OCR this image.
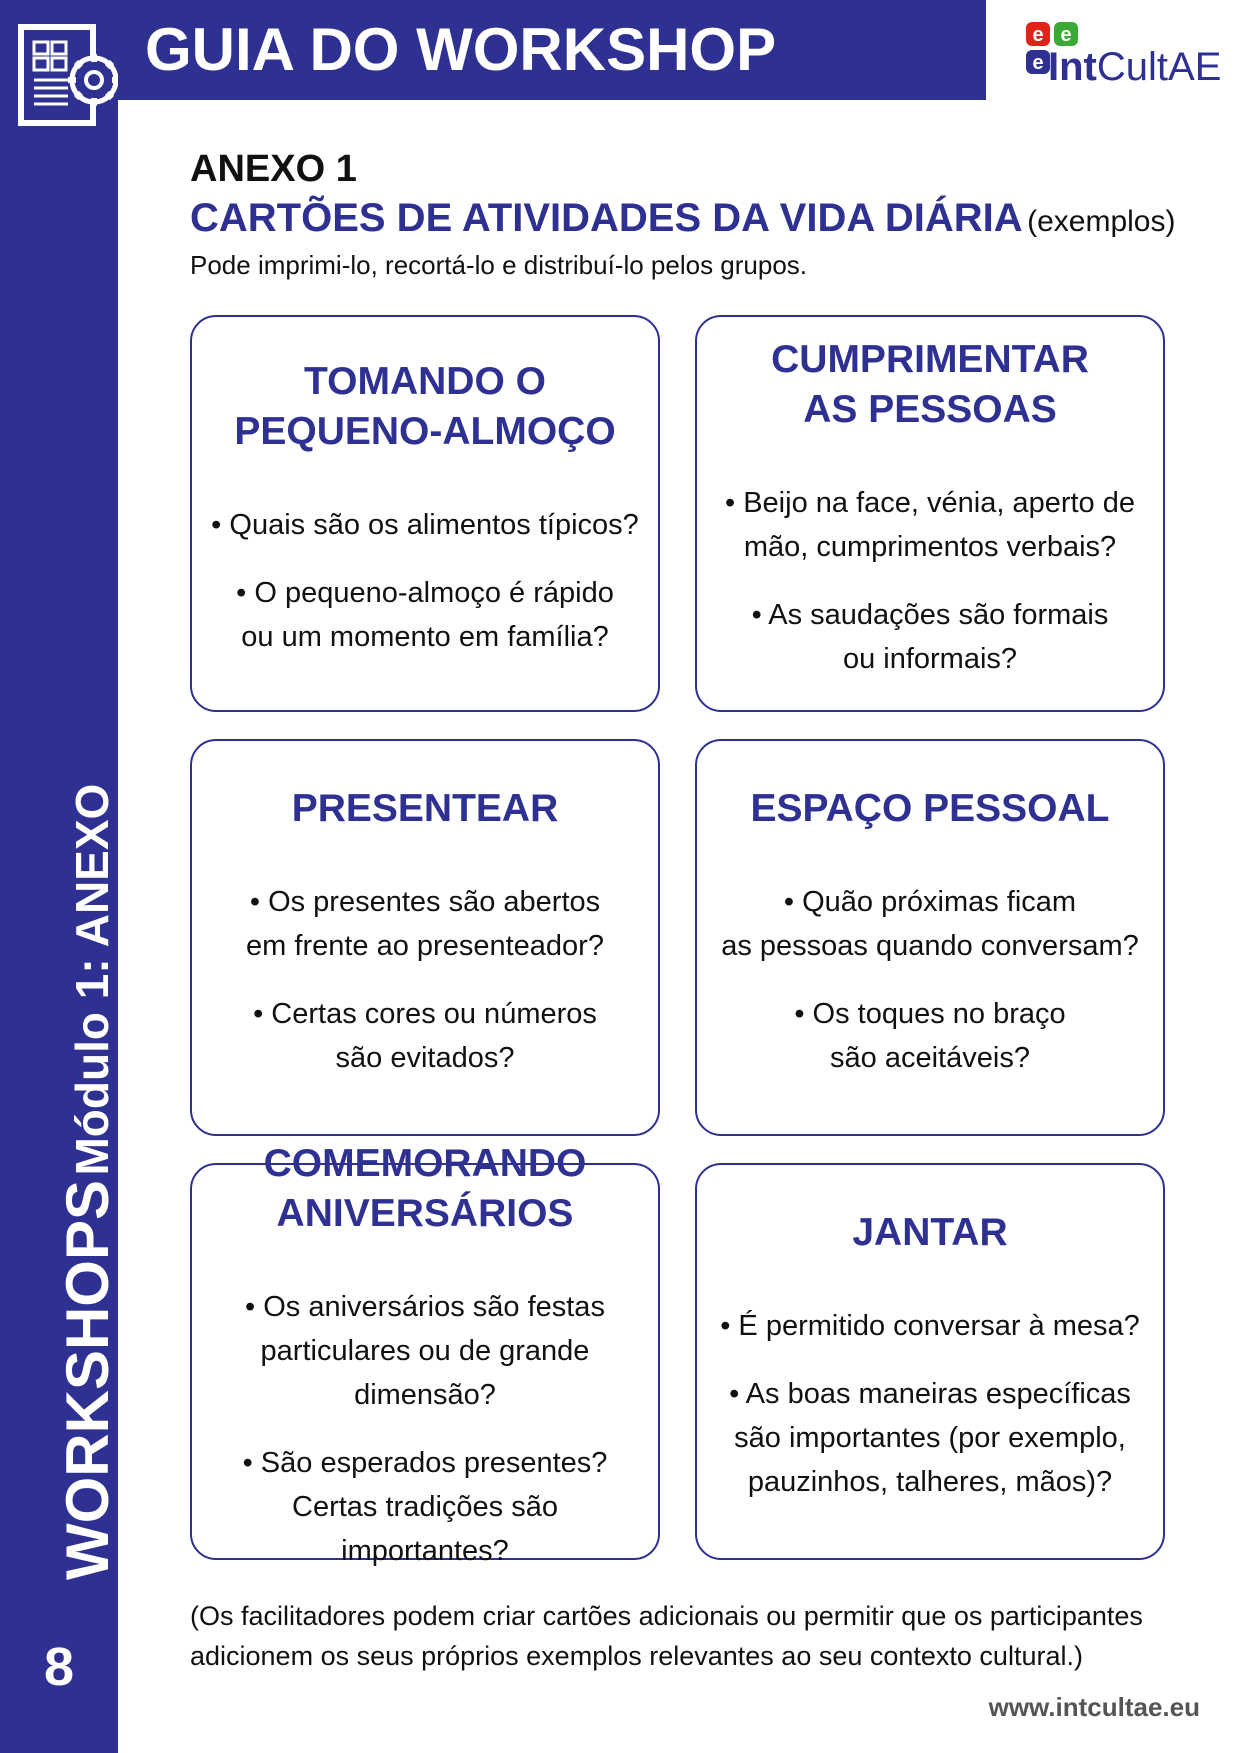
GUIA DO WORKSHOP	e e
e IntCultAE
WORKSHOPS Módulo 1: ANEXO
8
ANEXO 1
CARTÕES DE ATIVIDADES DA VIDA DIÁRIA (exemplos)
Pode imprimi-lo, recortá-lo e distribuí-lo pelos grupos.
TOMANDO O
PEQUENO-ALMOÇO
• Quais são os alimentos típicos?
• O pequeno-almoço é rápido
ou um momento em família?
CUMPRIMENTAR
AS PESSOAS
• Beijo na face, vénia, aperto de
mão, cumprimentos verbais?
• As saudações são formais
ou informais?
PRESENTEAR
• Os presentes são abertos
em frente ao presenteador?
• Certas cores ou números
são evitados?
ESPAÇO PESSOAL
• Quão próximas ficam
as pessoas quando conversam?
• Os toques no braço
são aceitáveis?
COMEMORANDO
ANIVERSÁRIOS
• Os aniversários são festas
particulares ou de grande dimensão?
• São esperados presentes?
Certas tradições são importantes?
JANTAR
• É permitido conversar à mesa?
• As boas maneiras específicas
são importantes (por exemplo,
pauzinhos, talheres, mãos)?
(Os facilitadores podem criar cartões adicionais ou permitir que os participantes
adicionem os seus próprios exemplos relevantes ao seu contexto cultural.)
www.intcultae.eu
